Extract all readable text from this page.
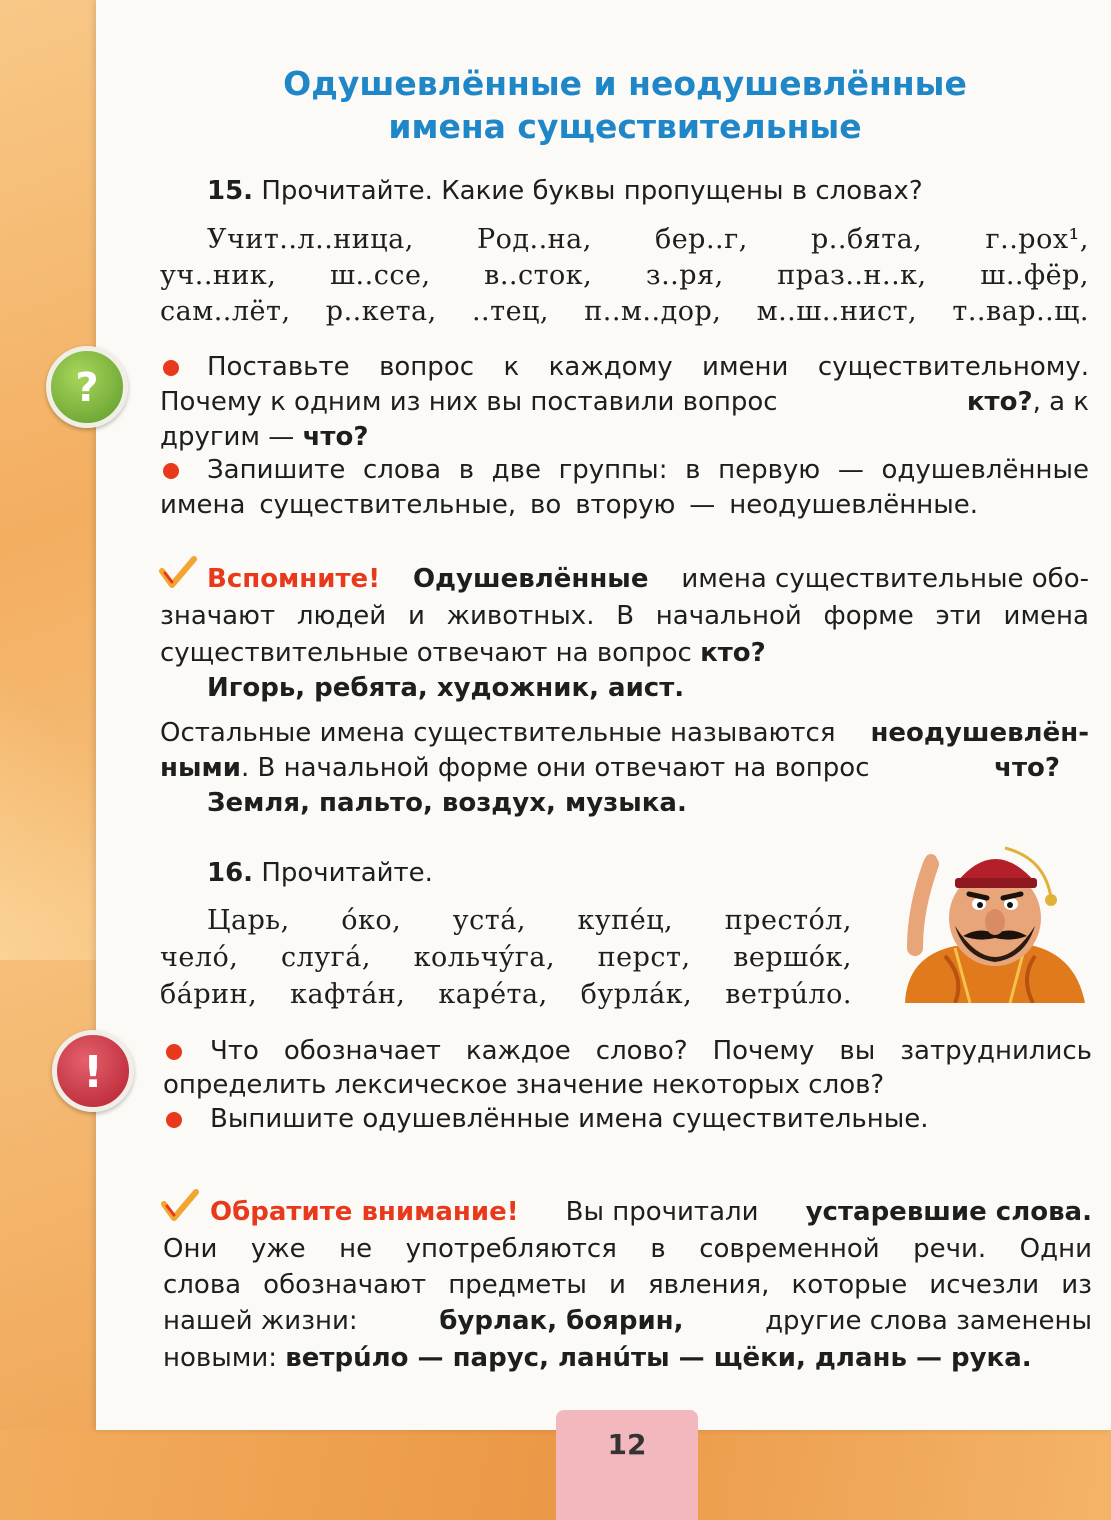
?
!
Одушевлённые и неодушевлённые
имена существительные
15. Прочитайте. Какие буквы пропущены в словах?
Учит..л..ница, Род..на, бер..г, р..бята, г..рох¹,
уч..ник, ш..ссе, в..сток, з..ря, праз..н..к, ш..фёр,
сам..лёт, р..кета, ..тец, п..м..дор, м..ш..нист, т..вар..щ.
Поставьте вопрос к каждому имени существительному.
Почему к одним из них вы поставили вопрос	кто?, а к
другим — что?
Запишите слова в две группы: в первую — одушевлённые
имена существительные, во вторую — неодушевлённые.
Вспомните! Одушевлённые имена существительные обо-
значают людей и животных. В начальной форме эти имена
существительные отвечают на вопрос кто?
Игорь, ребята, художник, аист.
Остальные имена существительные называются неодушевлён-
ными. В начальной форме они отвечают на вопрос	что?
Земля, пальто, воздух, музыка.
16. Прочитайте.
Царь, óко, устá, купéц, престóл,
челó, слугá, кольчýга, перст, вершóк,
бáрин, кафтáн, карéта, бурлáк, ветрúло.
Что обозначает каждое слово? Почему вы затруднились
определить лексическое значение некоторых слов?
Выпишите одушевлённые имена существительные.
Обратите внимание! Вы прочитали устаревшие слова.
Они уже не употребляются в современной речи. Одни
слова обозначают предметы и явления, которые исчезли из
нашей жизни:	бурлак, боярин,	другие слова заменены
новыми: ветрúло — парус, ланúты — щёки, длань — рука.
12
